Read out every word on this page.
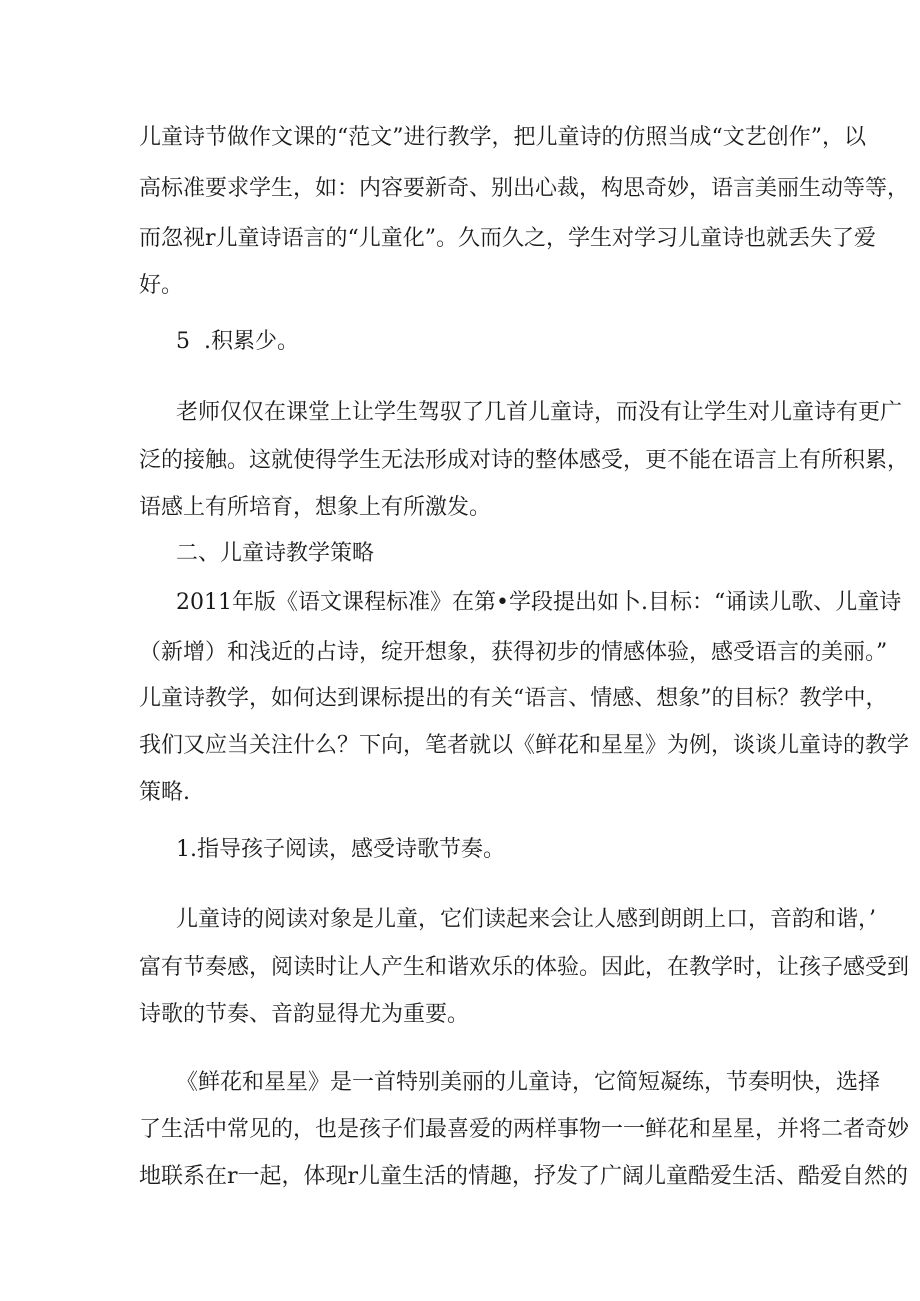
儿童诗节做作文课的“范文”进行教学，把儿童诗的仿照当成“文艺创作”，以
高标准要求学生，如：内容要新奇、别出心裁，构思奇妙，语言美丽生动等等，
而忽视r儿童诗语言的“儿童化”。久而久之，学生对学习儿童诗也就丢失了爱
好。
5  .积累少。
老师仅仅在课堂上让学生驾驭了几首儿童诗，而没有让学生对儿童诗有更广
泛的接触。这就使得学生无法形成对诗的整体感受，更不能在语言上有所积累，
语感上有所培育，想象上有所激发。
二、儿童诗教学策略
2011年版《语文课程标准》在第•学段提出如卜.目标：“诵读儿歌、儿童诗
（新增）和浅近的占诗，绽开想象，获得初步的情感体验，感受语言的美丽。”
儿童诗教学，如何达到课标提出的有关“语言、情感、想象”的目标？教学中，
我们又应当关注什么？下向，笔者就以《鲜花和星星》为例，谈谈儿童诗的教学
策略.
1.指导孩子阅读，感受诗歌节奏。
儿童诗的阅读对象是儿童，它们读起来会让人感到朗朗上口，音韵和谐，’
富有节奏感，阅读时让人产生和谐欢乐的体验。因此，在教学时，让孩子感受到
诗歌的节奏、音韵显得尤为重要。
《鲜花和星星》是一首特别美丽的儿童诗，它简短凝练，节奏明快，选择
了生活中常见的，也是孩子们最喜爱的两样事物一一鲜花和星星，并将二者奇妙
地联系在r一起，体现r儿童生活的情趣，抒发了广阔儿童酷爱生活、酷爱自然的
